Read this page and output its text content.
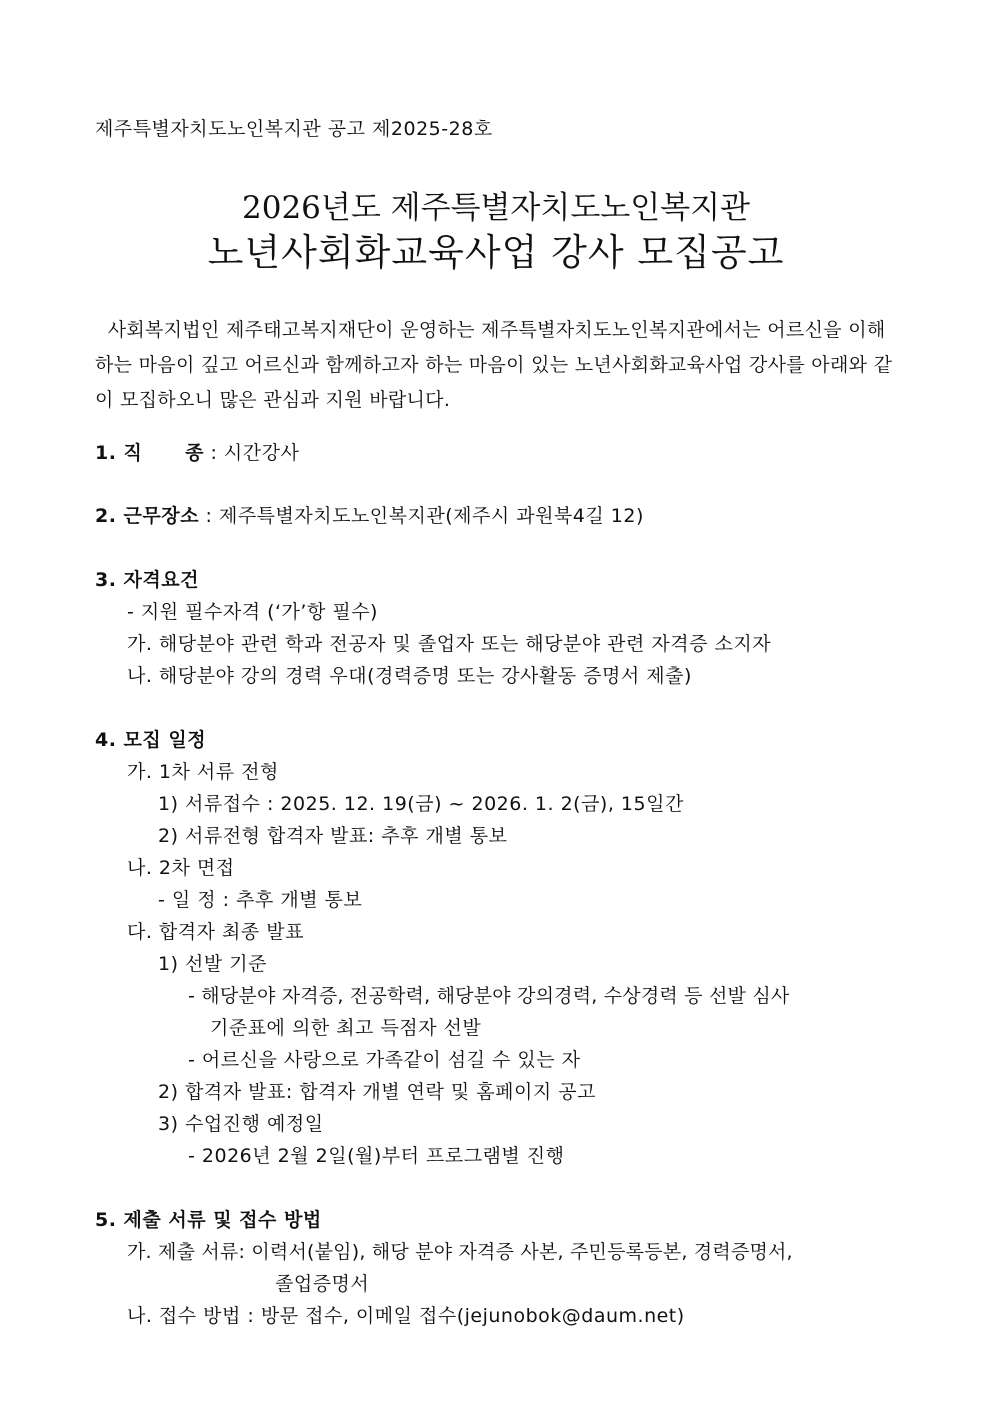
제주특별자치도노인복지관 공고 제2025-28호
2026년도 제주특별자치도노인복지관
노년사회화교육사업 강사 모집공고
사회복지법인 제주태고복지재단이 운영하는 제주특별자치도노인복지관에서는 어르신을 이해하는 마음이 깊고 어르신과 함께하고자 하는 마음이 있는 노년사회화교육사업 강사를 아래와 같이 모집하오니 많은 관심과 지원 바랍니다.
1. 직      종 : 시간강사
2. 근무장소 : 제주특별자치도노인복지관(제주시 과원북4길 12)
3. 자격요건
- 지원 필수자격 (‘가’항 필수)
가. 해당분야 관련 학과 전공자 및 졸업자 또는 해당분야 관련 자격증 소지자
나. 해당분야 강의 경력 우대(경력증명 또는 강사활동 증명서 제출)
4. 모집 일정
가. 1차 서류 전형
1) 서류접수 : 2025. 12. 19(금) ~ 2026. 1. 2(금), 15일간
2) 서류전형 합격자 발표: 추후 개별 통보
나. 2차 면접
- 일 정 : 추후 개별 통보
다. 합격자 최종 발표
1) 선발 기준
- 해당분야 자격증, 전공학력, 해당분야 강의경력, 수상경력 등 선발 심사
기준표에 의한 최고 득점자 선발
- 어르신을 사랑으로 가족같이 섬길 수 있는 자
2) 합격자 발표: 합격자 개별 연락 및 홈페이지 공고
3) 수업진행 예정일
- 2026년 2월 2일(월)부터 프로그램별 진행
5. 제출 서류 및 접수 방법
가. 제출 서류: 이력서(붙임), 해당 분야 자격증 사본, 주민등록등본, 경력증명서,
졸업증명서
나. 접수 방법 : 방문 접수, 이메일 접수(jejunobok@daum.net)
